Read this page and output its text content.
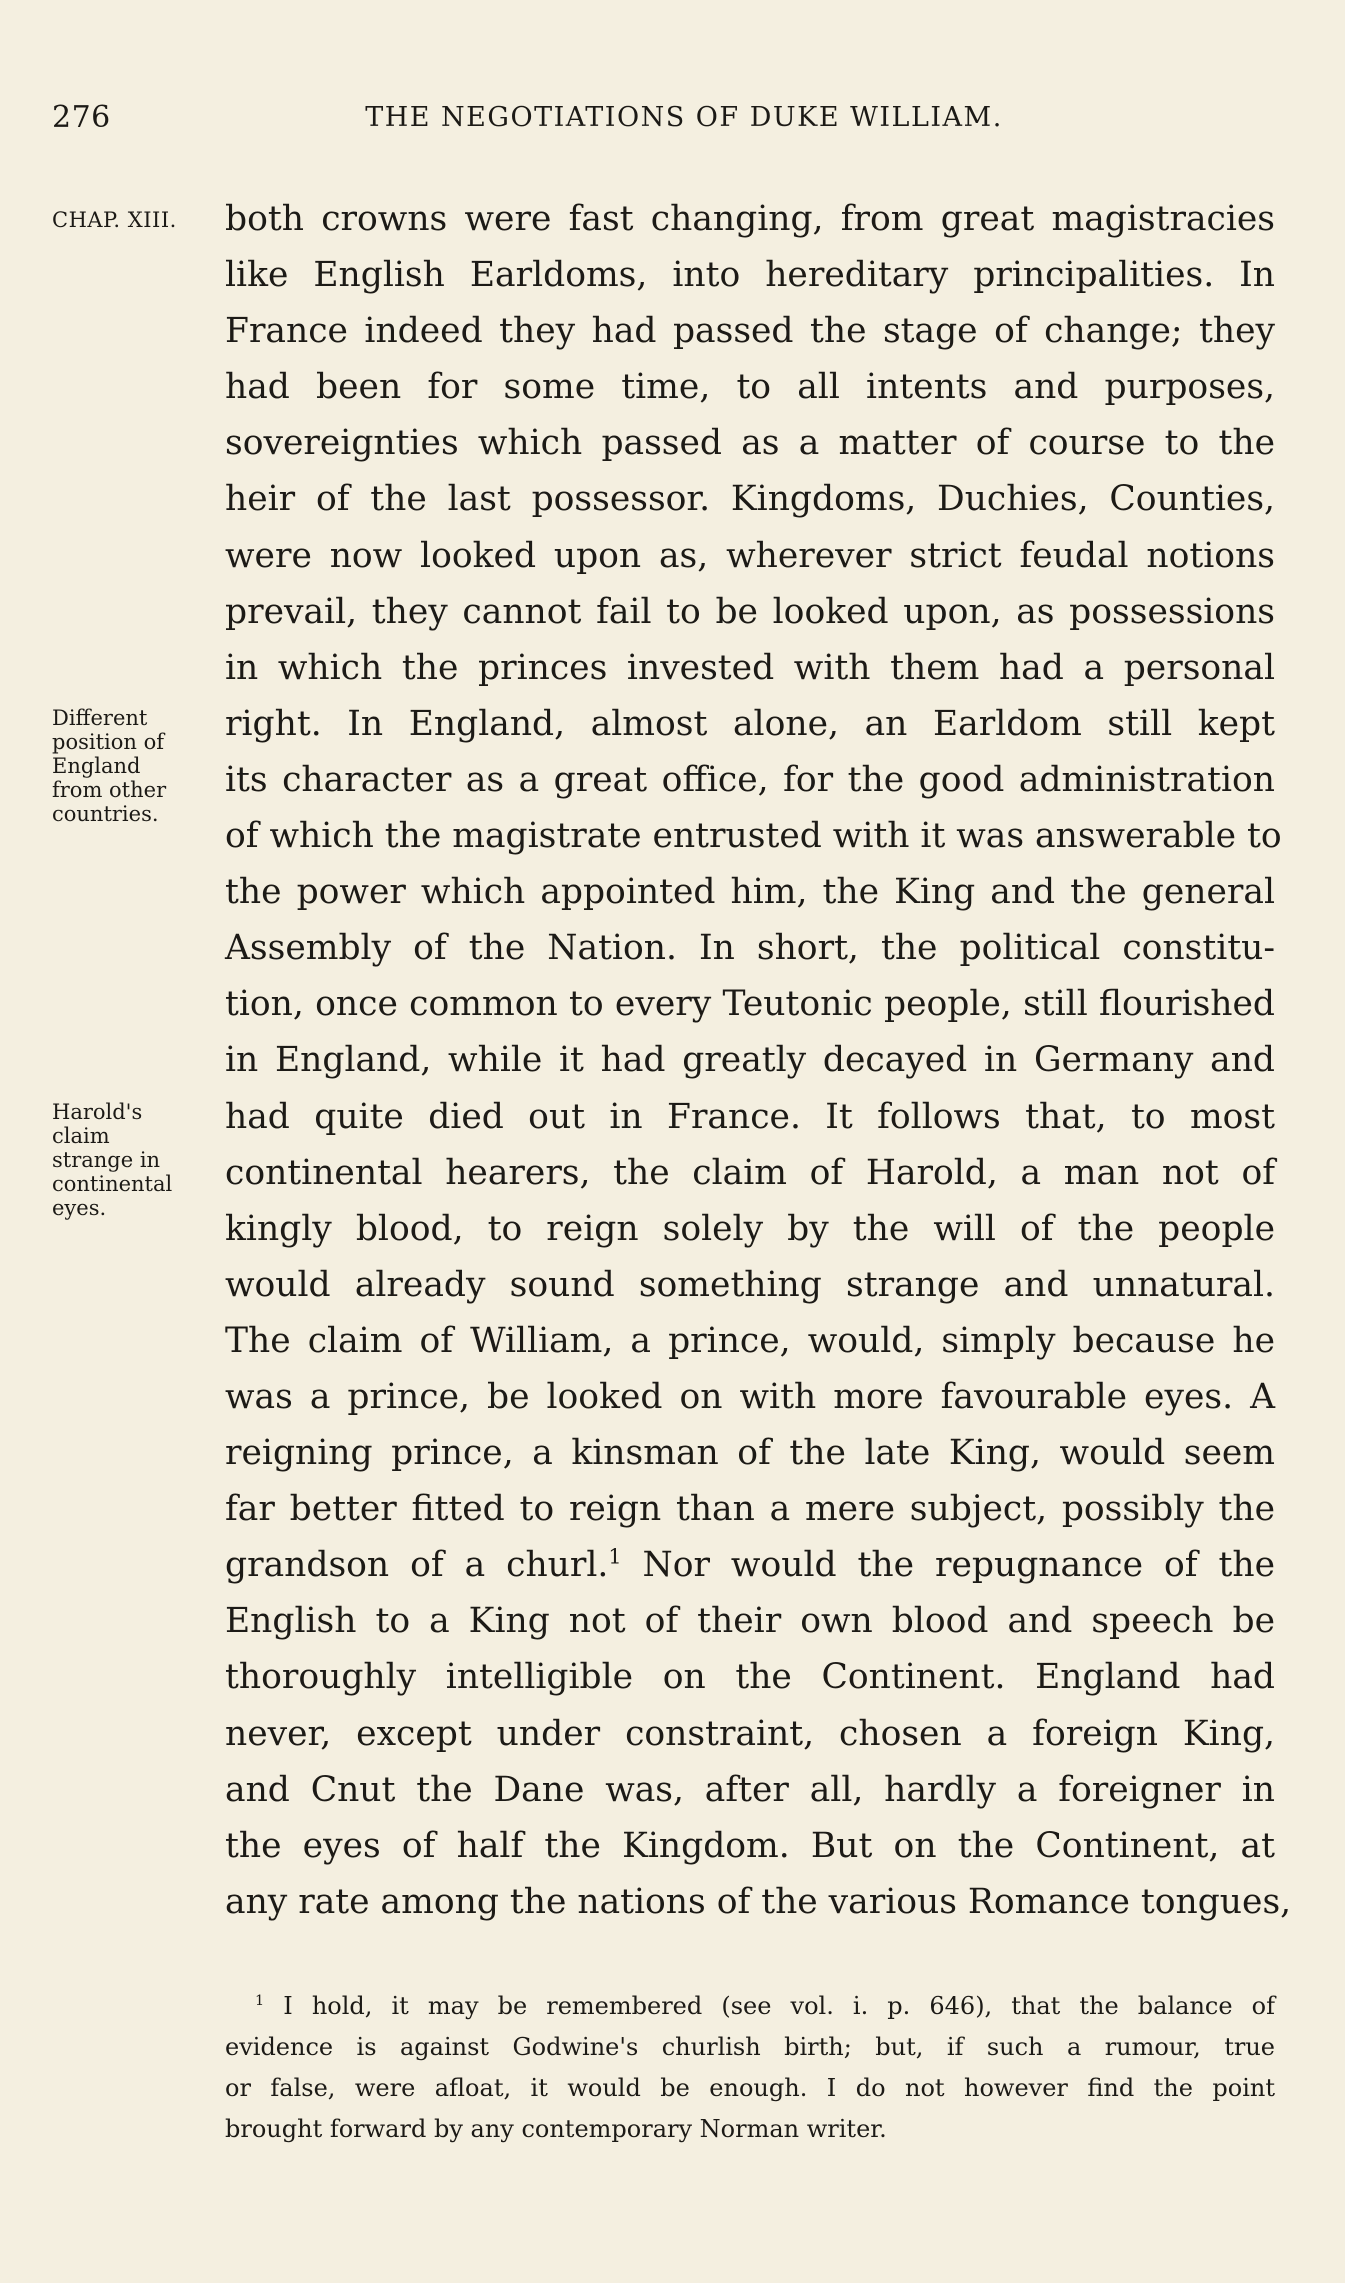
276	THE NEGOTIATIONS OF DUKE WILLIAM.
CHAP. XIII.
Different
position of
England
from other
countries.
Harold's
claim
strange in
continental
eyes.
both crowns were fast changing, from great magistracies
like English Earldoms, into hereditary principalities. In
France indeed they had passed the stage of change; they
had been for some time, to all intents and purposes,
sovereignties which passed as a matter of course to the
heir of the last possessor. Kingdoms, Duchies, Counties,
were now looked upon as, wherever strict feudal notions
prevail, they cannot fail to be looked upon, as possessions
in which the princes invested with them had a personal
right. In England, almost alone, an Earldom still kept
its character as a great office, for the good administration
of which the magistrate entrusted with it was answerable to
the power which appointed him, the King and the general
Assembly of the Nation. In short, the political constitu-
tion, once common to every Teutonic people, still flourished
in England, while it had greatly decayed in Germany and
had quite died out in France. It follows that, to most
continental hearers, the claim of Harold, a man not of
kingly blood, to reign solely by the will of the people
would already sound something strange and unnatural.
The claim of William, a prince, would, simply because he
was a prince, be looked on with more favourable eyes. A
reigning prince, a kinsman of the late King, would seem
far better fitted to reign than a mere subject, possibly the
grandson of a churl.$^1$ Nor would the repugnance of the
English to a King not of their own blood and speech be
thoroughly intelligible on the Continent. England had
never, except under constraint, chosen a foreign King,
and Cnut the Dane was, after all, hardly a foreigner in
the eyes of half the Kingdom. But on the Continent, at
any rate among the nations of the various Romance tongues,
$^1$ I hold, it may be remembered (see vol. i. p. 646), that the balance of
evidence is against Godwine's churlish birth; but, if such a rumour, true
or false, were afloat, it would be enough. I do not however find the point
brought forward by any contemporary Norman writer.
